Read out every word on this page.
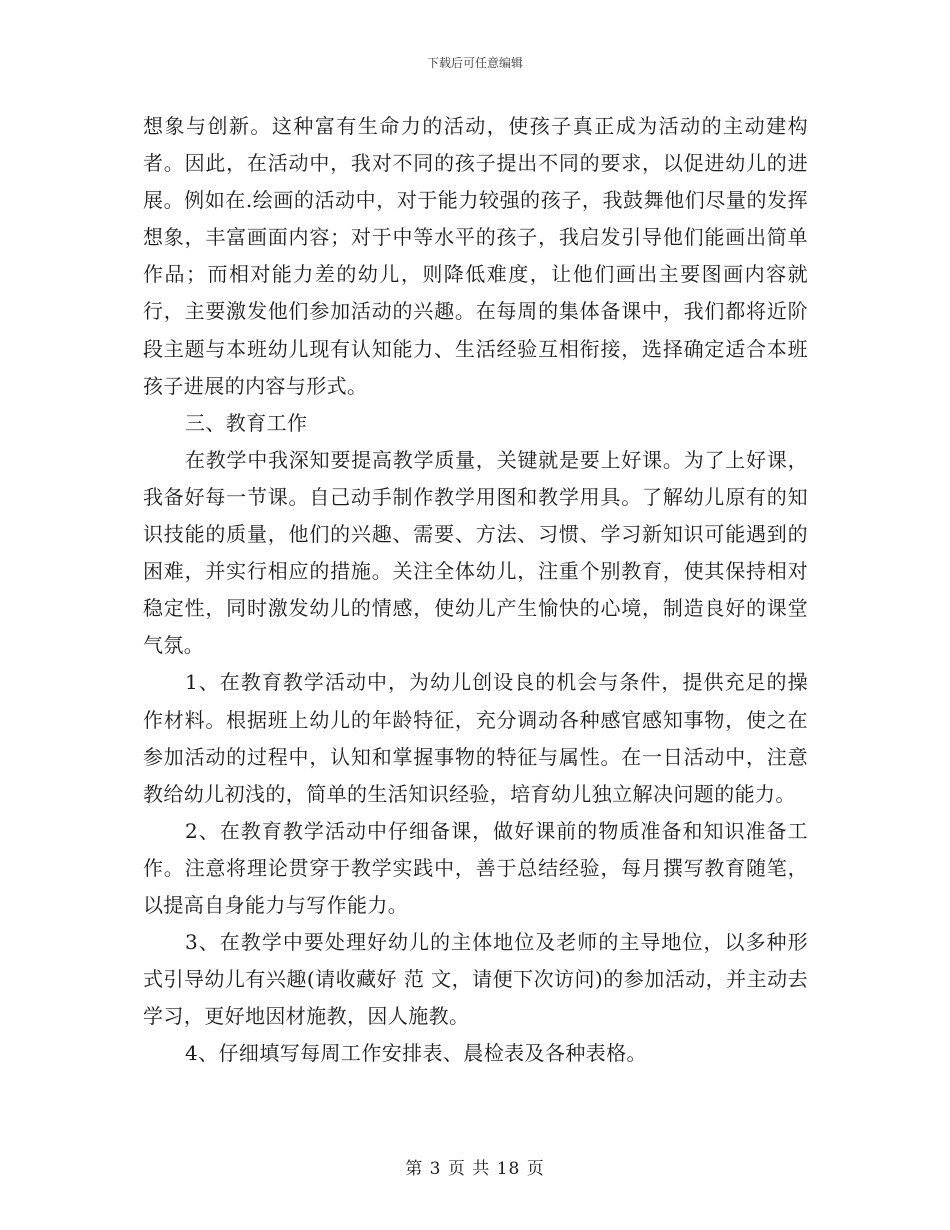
下载后可任意编辑

想象与创新。这种富有生命力的活动，使孩子真正成为活动的主动建构者。因此，在活动中，我对不同的孩子提出不同的要求，以促进幼儿的进展。例如在.绘画的活动中，对于能力较强的孩子，我鼓舞他们尽量的发挥想象，丰富画面内容；对于中等水平的孩子，我启发引导他们能画出简单作品；而相对能力差的幼儿，则降低难度，让他们画出主要图画内容就行，主要激发他们参加活动的兴趣。在每周的集体备课中，我们都将近阶段主题与本班幼儿现有认知能力、生活经验互相衔接，选择确定适合本班孩子进展的内容与形式。

三、教育工作

在教学中我深知要提高教学质量，关键就是要上好课。为了上好课，我备好每一节课。自己动手制作教学用图和教学用具。了解幼儿原有的知识技能的质量，他们的兴趣、需要、方法、习惯、学习新知识可能遇到的困难，并实行相应的措施。关注全体幼儿，注重个别教育，使其保持相对稳定性，同时激发幼儿的情感，使幼儿产生愉快的心境，制造良好的课堂气氛。

1、在教育教学活动中，为幼儿创设良的机会与条件，提供充足的操作材料。根据班上幼儿的年龄特征，充分调动各种感官感知事物，使之在参加活动的过程中，认知和掌握事物的特征与属性。在一日活动中，注意教给幼儿初浅的，简单的生活知识经验，培育幼儿独立解决问题的能力。

2、在教育教学活动中仔细备课，做好课前的物质准备和知识准备工作。注意将理论贯穿于教学实践中，善于总结经验，每月撰写教育随笔，以提高自身能力与写作能力。

3、在教学中要处理好幼儿的主体地位及老师的主导地位，以多种形式引导幼儿有兴趣(请收藏好 范 文，请便下次访问)的参加活动，并主动去学习，更好地因材施教，因人施教。

4、仔细填写每周工作安排表、晨检表及各种表格。

第 3 页 共 18 页
